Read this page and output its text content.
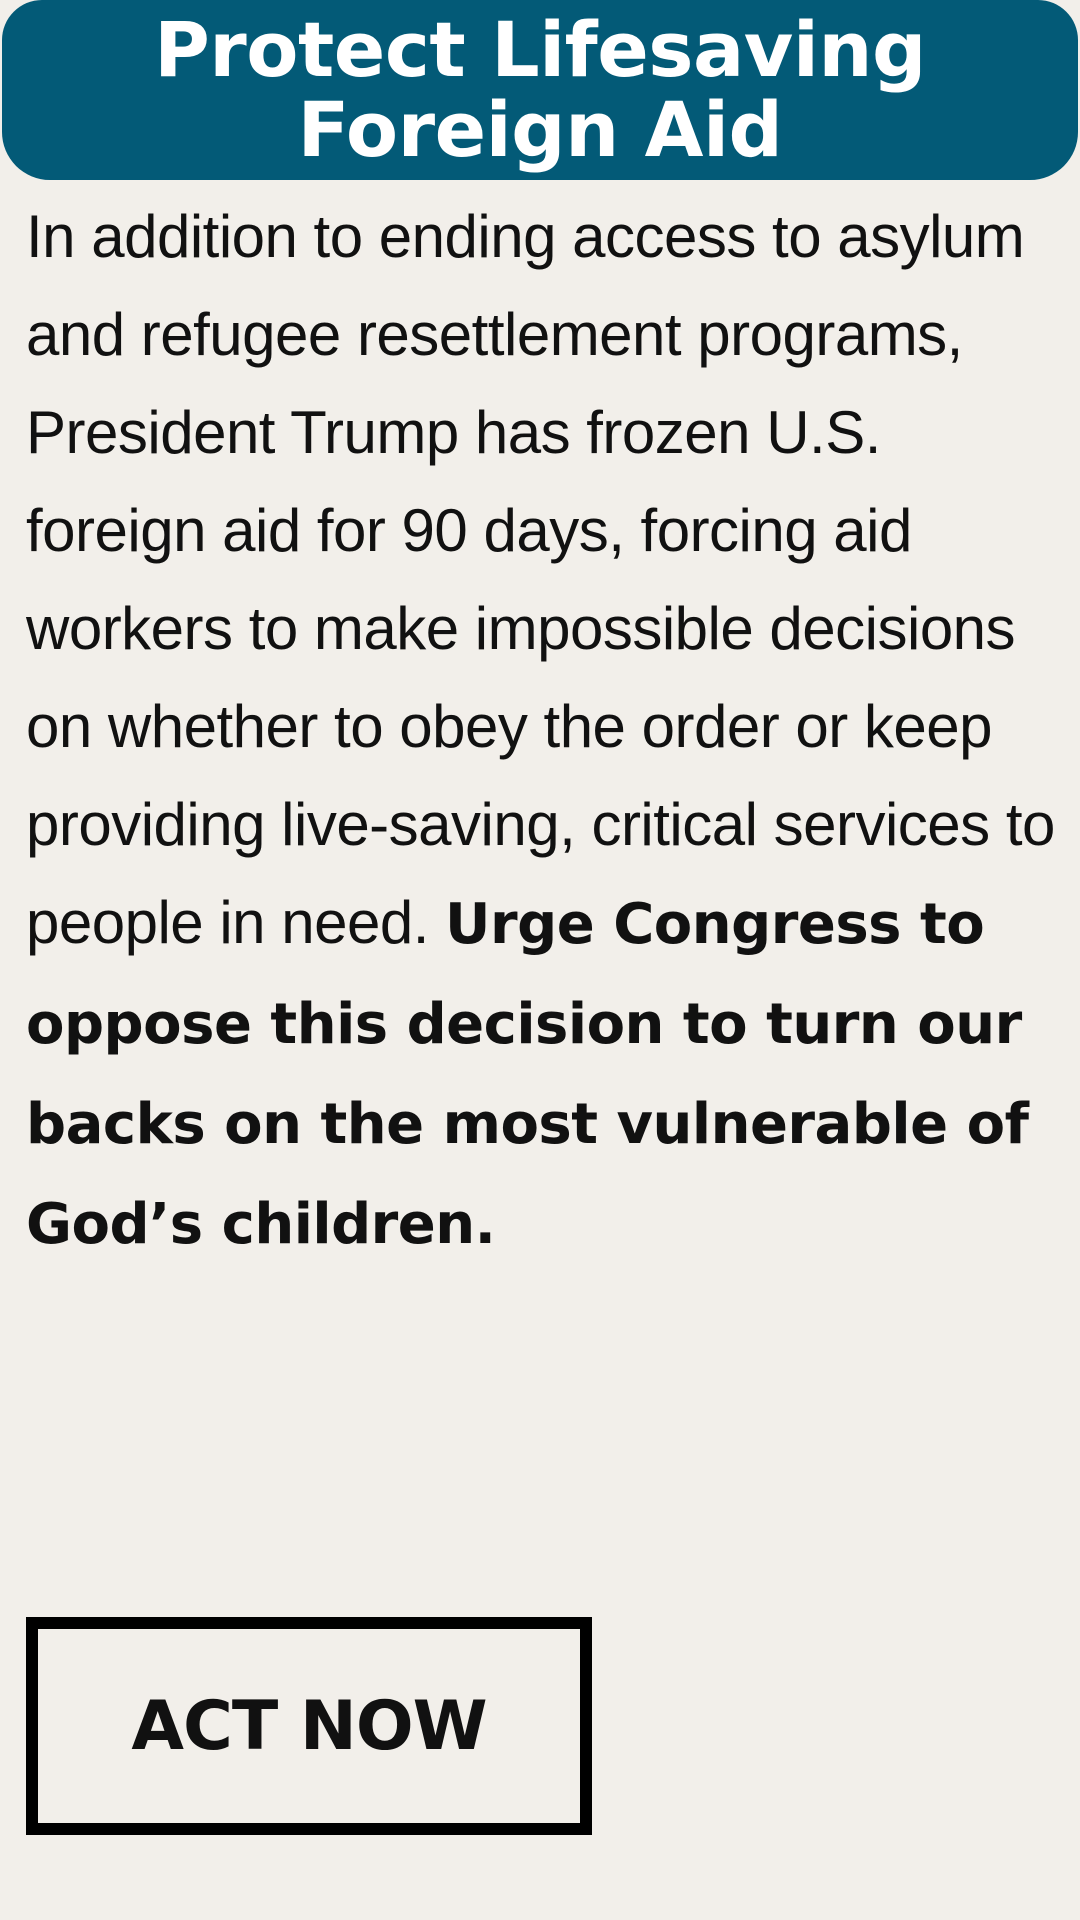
Protect Lifesaving
Foreign Aid

In addition to ending access to asylum and refugee resettlement programs, President Trump has frozen U.S. foreign aid for 90 days, forcing aid workers to make impossible decisions on whether to obey the order or keep providing live-saving, critical services to people in need. Urge Congress to oppose this decision to turn our backs on the most vulnerable of God’s children.

ACT NOW
